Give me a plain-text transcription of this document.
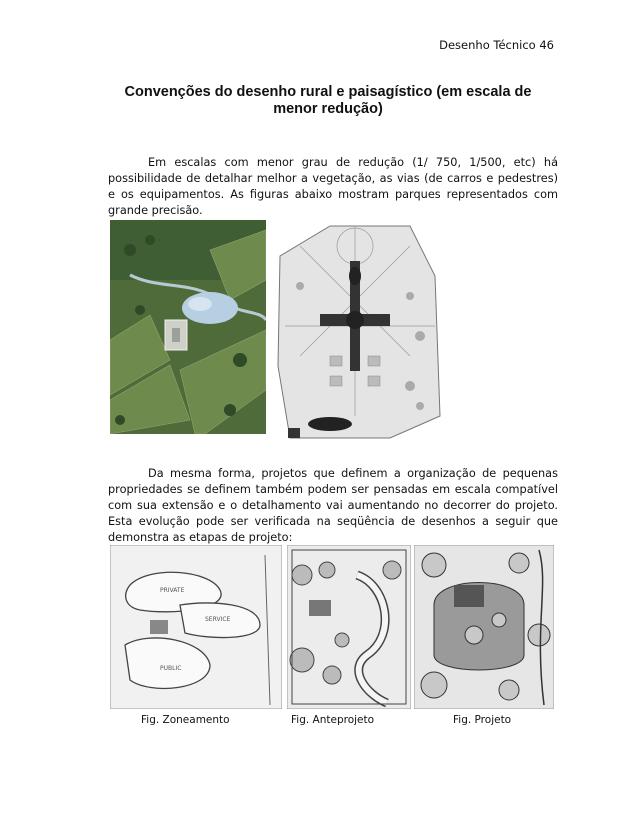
Desenho Técnico 46
Convenções do desenho rural e paisagístico (em escala de menor redução)

Em escalas com menor grau de redução (1/ 750, 1/500, etc) há possibilidade de detalhar melhor a vegetação, as vias (de carros e pedestres) e os equipamentos. As figuras abaixo mostram parques representados com grande precisão.

Da mesma forma, projetos que definem a organização de pequenas propriedades se definem também podem ser pensadas em escala compatível com sua extensão e o detalhamento vai aumentando no decorrer do projeto. Esta evolução pode ser verificada na seqüência de desenhos a seguir que demonstra as etapas de projeto:

PRIVATE
SERVICE
PUBLIC
Fig. Zoneamento	Fig. Anteprojeto	Fig. Projeto
